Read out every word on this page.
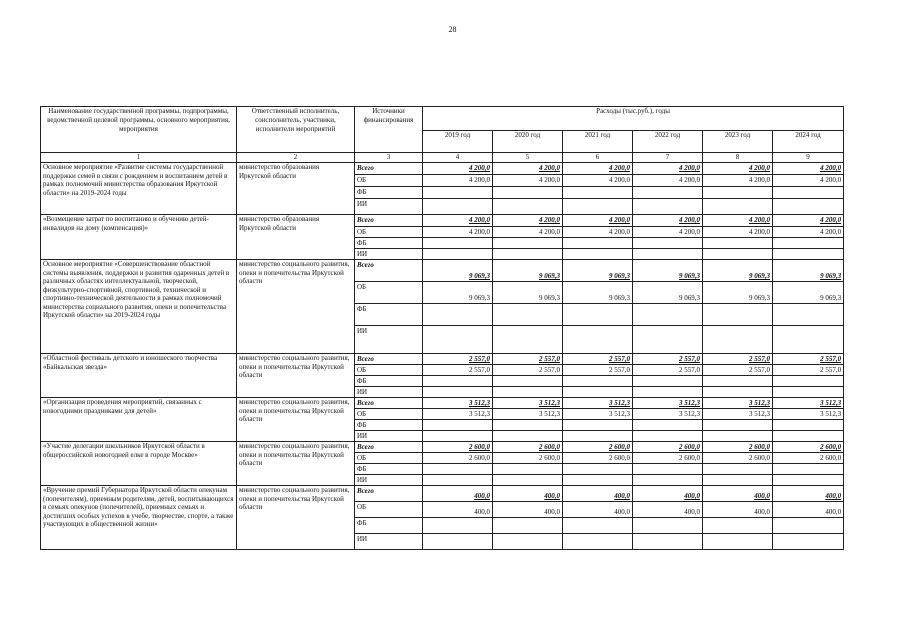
28
Наименование государственной программы, подпрограммы, ведомственной целевой программы, основного мероприятия, мероприятия	Ответственный исполнитель, соисполнитель, участники, исполнители мероприятий	Источники финансирования	Расходы (тыс.руб.), годы					
			2019 год	2020 год	2021 год	2022 год	2023 год	2024 год
1	2	3	4	5	6	7	8	9
Основное мероприятие «Развитие системы государственной поддержки семей в связи с рождением и воспитанием детей в рамках полномочий министерства образования Иркутской области» на 2019-2024 годы	министерство образования Иркутской области	Всего	4 200,0	4 200,0	4 200,0	4 200,0	4 200,0	4 200,0
		ОБ	4 200,0	4 200,0	4 200,0	4 200,0	4 200,0	4 200,0
		ФБ						
		ИИ						
«Возмещение затрат по воспитанию и обучению детей-инвалидов на дому (компенсация)»	министерство образования Иркутской области	Всего	4 200,0	4 200,0	4 200,0	4 200,0	4 200,0	4 200,0
		ОБ	4 200,0	4 200,0	4 200,0	4 200,0	4 200,0	4 200,0
		ФБ						
		ИИ						
Основное мероприятие «Совершенствование областной системы выявления, поддержки и развития одаренных детей в различных областях интеллектуальной, творческой, физкультурно-спортивной, спортивной, технической и спортивно-технической деятельности в рамках полномочий министерства социального развития, опеки и попечительства Иркутской области» на 2019-2024 годы	министерство социального развития, опеки и попечительства Иркутской области	Всего	9 069,3	9 069,3	9 069,3	9 069,3	9 069,3	9 069,3
		ОБ	9 069,3	9 069,3	9 069,3	9 069,3	9 069,3	9 069,3
		ФБ						
		ИИ						
«Областной фестиваль детского и юношеского творчества «Байкальская звезда»	министерство социального развития, опеки и попечительства Иркутской области	Всего	2 557,0	2 557,0	2 557,0	2 557,0	2 557,0	2 557,0
		ОБ	2 557,0	2 557,0	2 557,0	2 557,0	2 557,0	2 557,0
		ФБ						
		ИИ						
«Организация проведения мероприятий, связанных с новогодними праздниками для детей»	министерство социального развития, опеки и попечительства Иркутской области	Всего	3 512,3	3 512,3	3 512,3	3 512,3	3 512,3	3 512,3
		ОБ	3 512,3	3 512,3	3 512,3	3 512,3	3 512,3	3 512,3
		ФБ						
		ИИ						
«Участие делегации школьников Иркутской области в общероссийской новогодней елке в городе Москве»	министерство социального развития, опеки и попечительства Иркутской области	Всего	2 600,0	2 600,0	2 600,0	2 600,0	2 600,0	2 600,0
		ОБ	2 600,0	2 600,0	2 600,0	2 600,0	2 600,0	2 600,0
		ФБ						
		ИИ						
«Вручение премий Губернатора Иркутской области опекунам (попечителям), приемным родителям, детей, воспитывающихся в семьях опекунов (попечителей), приемных семьях и достигших особых успехов в учебе, творчестве, спорте, а также участвующих в общественной жизни»	министерство социального развития, опеки и попечительства Иркутской области	Всего	400,0	400,0	400,0	400,0	400,0	400,0
		ОБ	400,0	400,0	400,0	400,0	400,0	400,0
		ФБ						
		ИИ						
